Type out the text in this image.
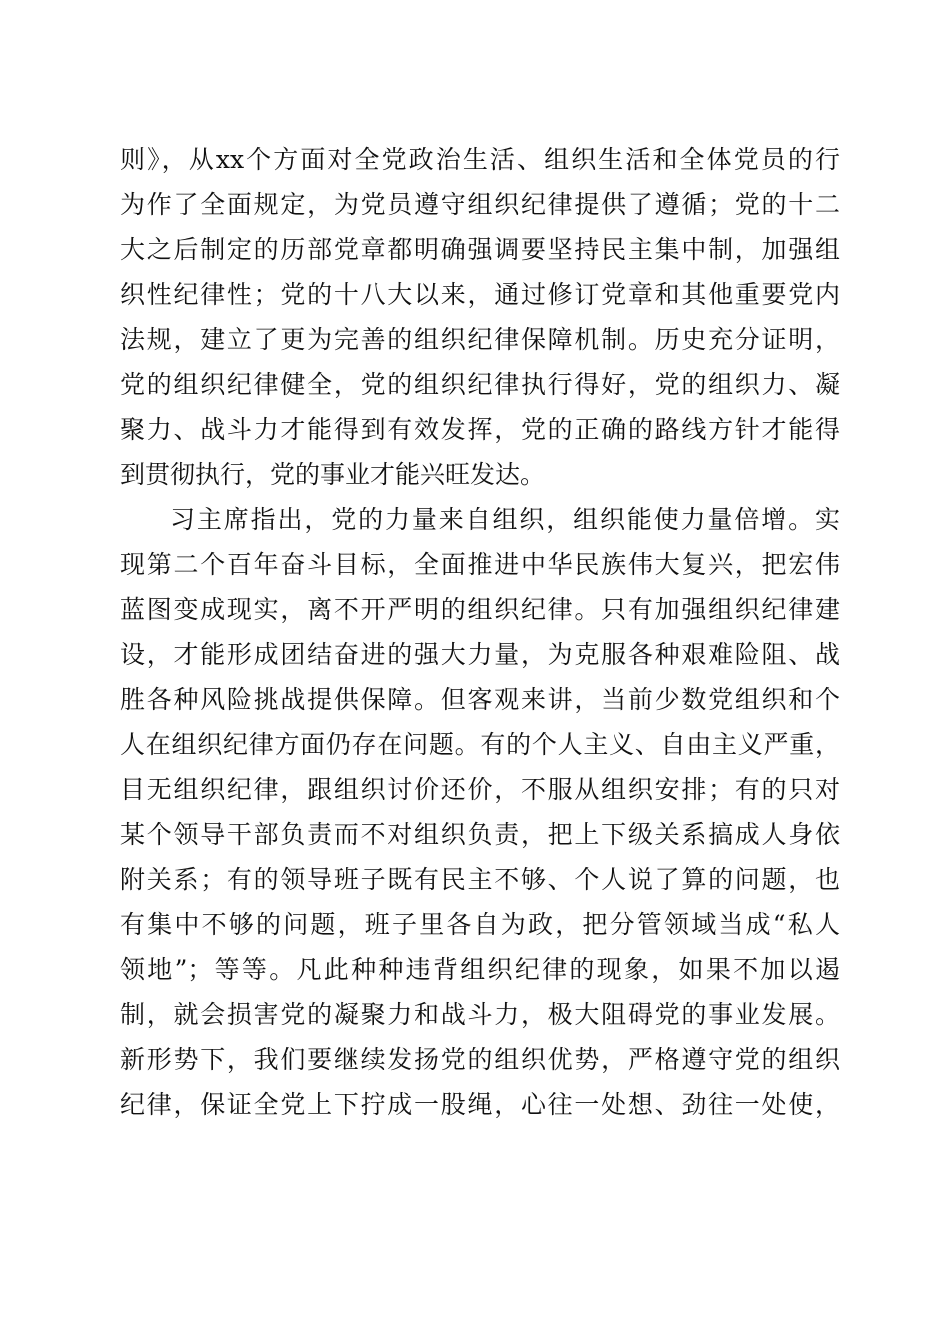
则》，从xx个方面对全党政治生活、组织生活和全体党员的行
为作了全面规定，为党员遵守组织纪律提供了遵循；党的十二
大之后制定的历部党章都明确强调要坚持民主集中制，加强组
织性纪律性；党的十八大以来，通过修订党章和其他重要党内
法规，建立了更为完善的组织纪律保障机制。历史充分证明，
党的组织纪律健全，党的组织纪律执行得好，党的组织力、凝
聚力、战斗力才能得到有效发挥，党的正确的路线方针才能得
到贯彻执行，党的事业才能兴旺发达。
习主席指出，党的力量来自组织，组织能使力量倍增。实
现第二个百年奋斗目标，全面推进中华民族伟大复兴，把宏伟
蓝图变成现实，离不开严明的组织纪律。只有加强组织纪律建
设，才能形成团结奋进的强大力量，为克服各种艰难险阻、战
胜各种风险挑战提供保障。但客观来讲，当前少数党组织和个
人在组织纪律方面仍存在问题。有的个人主义、自由主义严重，
目无组织纪律，跟组织讨价还价，不服从组织安排；有的只对
某个领导干部负责而不对组织负责，把上下级关系搞成人身依
附关系；有的领导班子既有民主不够、个人说了算的问题，也
有集中不够的问题，班子里各自为政，把分管领域当成“私人
领地”；等等。凡此种种违背组织纪律的现象，如果不加以遏
制，就会损害党的凝聚力和战斗力，极大阻碍党的事业发展。
新形势下，我们要继续发扬党的组织优势，严格遵守党的组织
纪律，保证全党上下拧成一股绳，心往一处想、劲往一处使，
